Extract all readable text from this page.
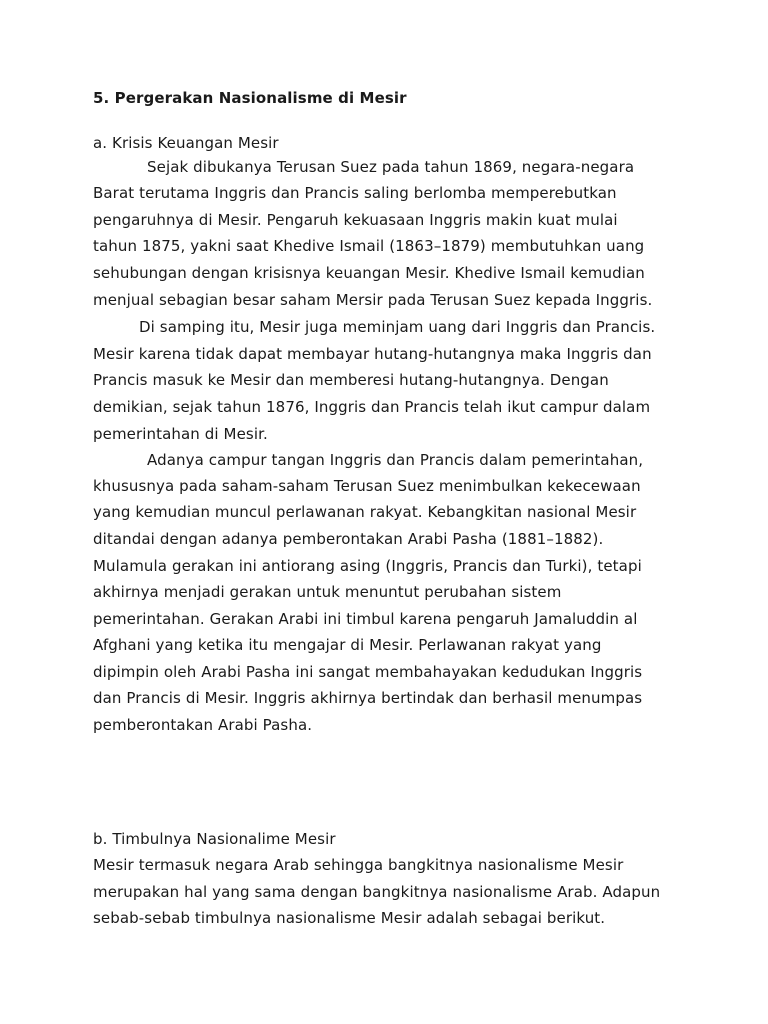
5. Pergerakan Nasionalisme di Mesir
a. Krisis Keuangan Mesir
Sejak dibukanya Terusan Suez pada tahun 1869, negara-negara
Barat terutama Inggris dan Prancis saling berlomba memperebutkan
pengaruhnya di Mesir. Pengaruh kekuasaan Inggris makin kuat mulai
tahun 1875, yakni saat Khedive Ismail (1863–1879) membutuhkan uang
sehubungan dengan krisisnya keuangan Mesir. Khedive Ismail kemudian
menjual sebagian besar saham Mersir pada Terusan Suez kepada Inggris.
Di samping itu, Mesir juga meminjam uang dari Inggris dan Prancis.
Mesir karena tidak dapat membayar hutang-hutangnya maka Inggris dan
Prancis masuk ke Mesir dan memberesi hutang-hutangnya. Dengan
demikian, sejak tahun 1876, Inggris dan Prancis telah ikut campur dalam
pemerintahan di Mesir.
Adanya campur tangan Inggris dan Prancis dalam pemerintahan,
khususnya pada saham-saham Terusan Suez menimbulkan kekecewaan
yang kemudian muncul perlawanan rakyat. Kebangkitan nasional Mesir
ditandai dengan adanya pemberontakan Arabi Pasha (1881–1882).
Mulamula gerakan ini antiorang asing (Inggris, Prancis dan Turki), tetapi
akhirnya menjadi gerakan untuk menuntut perubahan sistem
pemerintahan. Gerakan Arabi ini timbul karena pengaruh Jamaluddin al
Afghani yang ketika itu mengajar di Mesir. Perlawanan rakyat yang
dipimpin oleh Arabi Pasha ini sangat membahayakan kedudukan Inggris
dan Prancis di Mesir. Inggris akhirnya bertindak dan berhasil menumpas
pemberontakan Arabi Pasha.
b. Timbulnya Nasionalime Mesir
Mesir termasuk negara Arab sehingga bangkitnya nasionalisme Mesir
merupakan hal yang sama dengan bangkitnya nasionalisme Arab. Adapun
sebab-sebab timbulnya nasionalisme Mesir adalah sebagai berikut.
